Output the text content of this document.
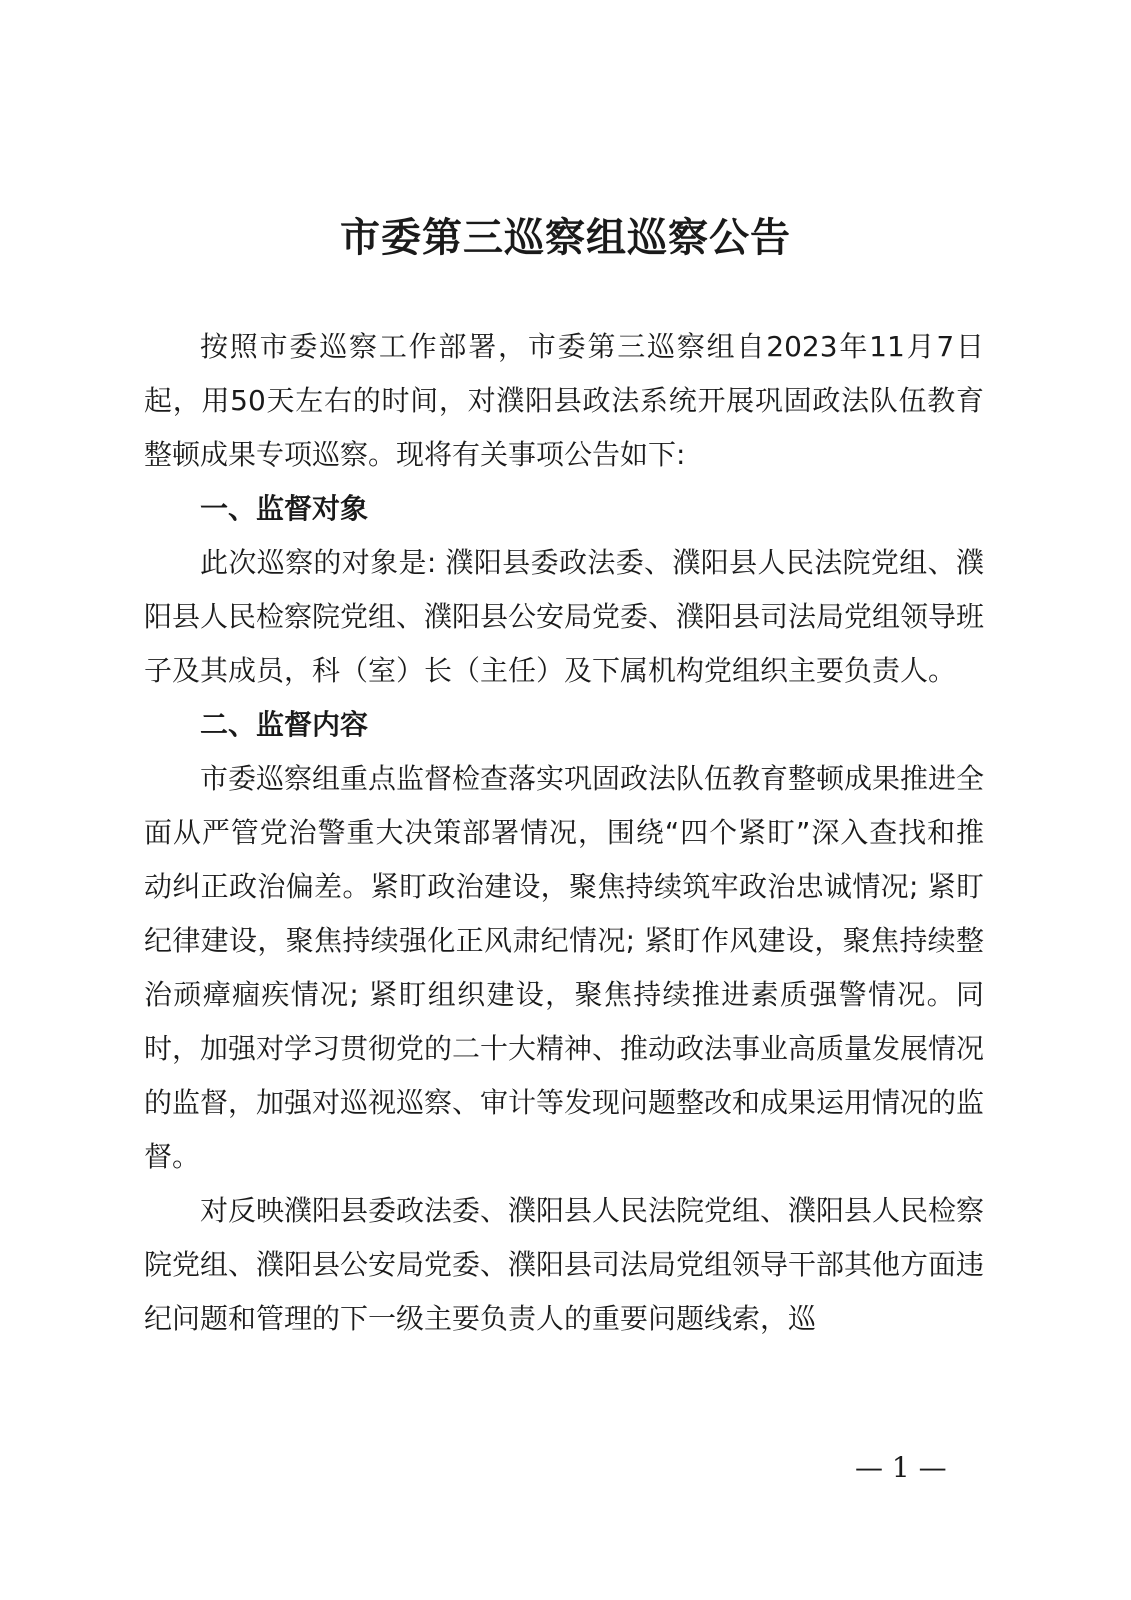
市委第三巡察组巡察公告

按照市委巡察工作部署，市委第三巡察组自2023年11月7日起，用50天左右的时间，对濮阳县政法系统开展巩固政法队伍教育整顿成果专项巡察。现将有关事项公告如下:

一、监督对象

此次巡察的对象是: 濮阳县委政法委、濮阳县人民法院党组、濮阳县人民检察院党组、濮阳县公安局党委、濮阳县司法局党组领导班子及其成员，科（室）长（主任）及下属机构党组织主要负责人。

二、监督内容

市委巡察组重点监督检查落实巩固政法队伍教育整顿成果推进全面从严管党治警重大决策部署情况，围绕“四个紧盯”深入查找和推动纠正政治偏差。紧盯政治建设，聚焦持续筑牢政治忠诚情况; 紧盯纪律建设，聚焦持续强化正风肃纪情况; 紧盯作风建设，聚焦持续整治顽瘴痼疾情况; 紧盯组织建设，聚焦持续推进素质强警情况。同时，加强对学习贯彻党的二十大精神、推动政法事业高质量发展情况的监督，加强对巡视巡察、审计等发现问题整改和成果运用情况的监督。

对反映濮阳县委政法委、濮阳县人民法院党组、濮阳县人民检察院党组、濮阳县公安局党委、濮阳县司法局党组领导干部其他方面违纪问题和管理的下一级主要负责人的重要问题线索，巡

— 1 —
